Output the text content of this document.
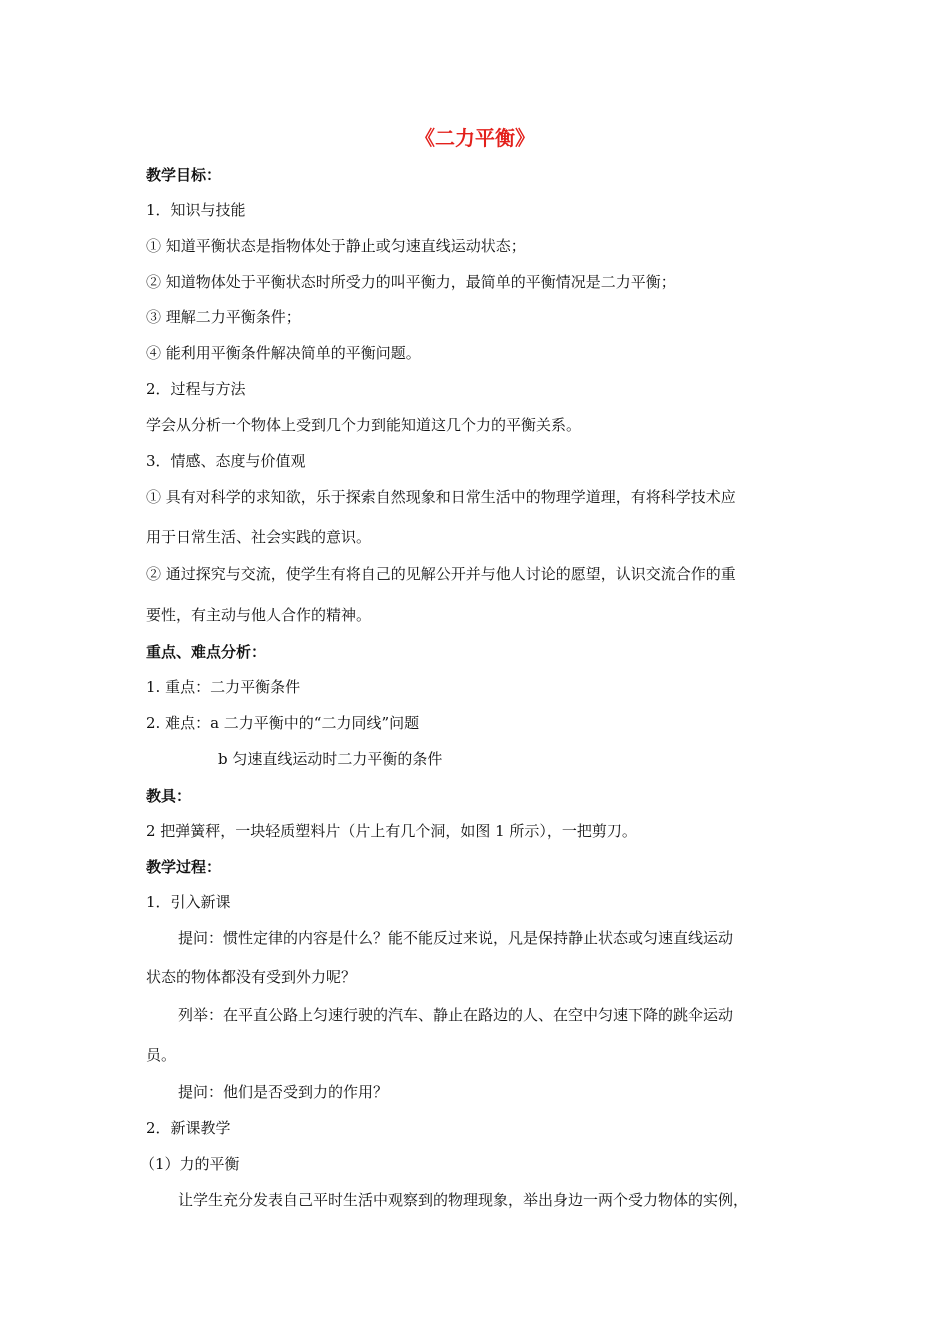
《二力平衡》
教学目标：
1．知识与技能
① 知道平衡状态是指物体处于静止或匀速直线运动状态；
② 知道物体处于平衡状态时所受力的叫平衡力，最简单的平衡情况是二力平衡；
③ 理解二力平衡条件；
④ 能利用平衡条件解决简单的平衡问题。
2．过程与方法
学会从分析一个物体上受到几个力到能知道这几个力的平衡关系。
3．情感、态度与价值观
① 具有对科学的求知欲，乐于探索自然现象和日常生活中的物理学道理，有将科学技术应
用于日常生活、社会实践的意识。
② 通过探究与交流，使学生有将自己的见解公开并与他人讨论的愿望，认识交流合作的重
要性，有主动与他人合作的精神。
重点、难点分析：
1. 重点：二力平衡条件
2. 难点：a 二力平衡中的“二力同线”问题
b 匀速直线运动时二力平衡的条件
教具：
2 把弹簧秤，一块轻质塑料片（片上有几个洞，如图 1 所示），一把剪刀。
教学过程：
1．引入新课
提问：惯性定律的内容是什么？能不能反过来说，凡是保持静止状态或匀速直线运动
状态的物体都没有受到外力呢？
列举：在平直公路上匀速行驶的汽车、静止在路边的人、在空中匀速下降的跳伞运动
员。
提问：他们是否受到力的作用？
2．新课教学
（1）力的平衡
让学生充分发表自己平时生活中观察到的物理现象，举出身边一两个受力物体的实例，
